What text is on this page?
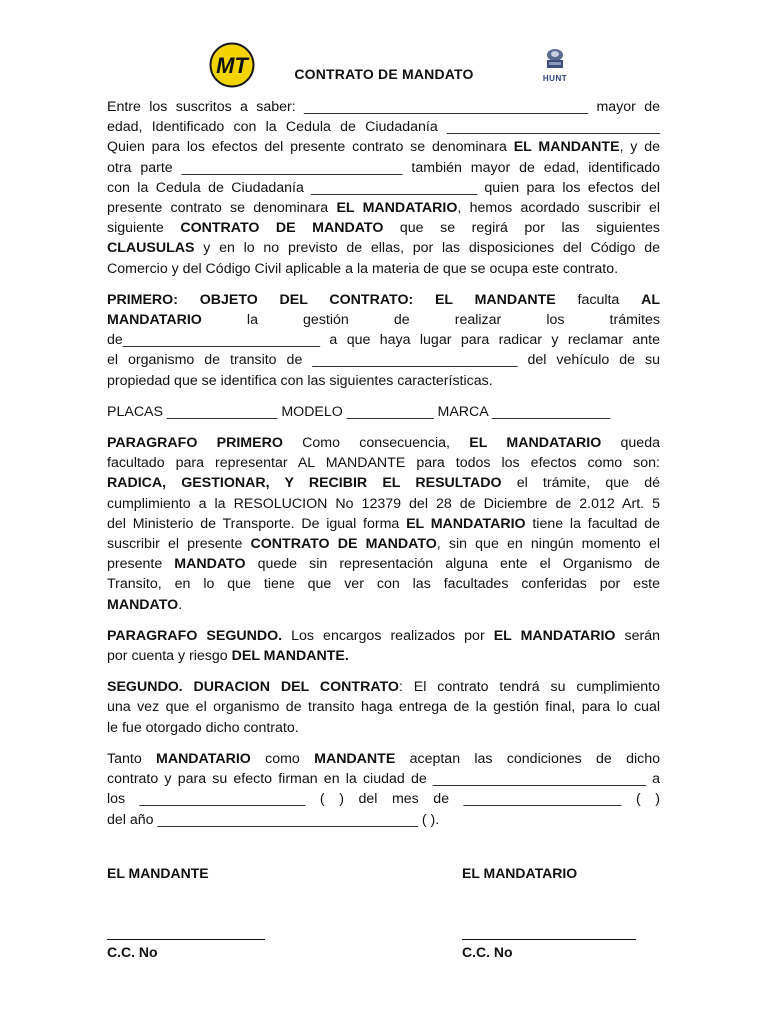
MT	CONTRATO DE MANDATO	HUNT

Entre los suscritos a saber: ____________________________________ mayor de
edad, Identificado con la Cedula de Ciudadanía ___________________________
Quien para los efectos del presente contrato se denominara EL MANDANTE, y de
otra parte ____________________________ también mayor de edad, identificado
con la Cedula de Ciudadanía _____________________ quien para los efectos del
presente contrato se denominara EL MANDATARIO, hemos acordado suscribir el
siguiente CONTRATO DE MANDATO que se regirá por las siguientes
CLAUSULAS y en lo no previsto de ellas, por las disposiciones del Código de
Comercio y del Código Civil aplicable a la materia de que se ocupa este contrato.

PRIMERO: OBJETO DEL CONTRATO: EL MANDANTE faculta AL
MANDATARIO la gestión de realizar los trámites
de_________________________ a que haya lugar para radicar y reclamar ante
el organismo de transito de __________________________ del vehículo de su
propiedad que se identifica con las siguientes características.

PLACAS ______________ MODELO ___________ MARCA _______________

PARAGRAFO PRIMERO Como consecuencia, EL MANDATARIO queda
facultado para representar AL MANDANTE para todos los efectos como son:
RADICA, GESTIONAR, Y RECIBIR EL RESULTADO el trámite, que dé
cumplimiento a la RESOLUCION No 12379 del 28 de Diciembre de 2.012 Art. 5
del Ministerio de Transporte. De igual forma EL MANDATARIO tiene la facultad de
suscribir el presente CONTRATO DE MANDATO, sin que en ningún momento el
presente MANDATO quede sin representación alguna ente el Organismo de
Transito, en lo que tiene que ver con las facultades conferidas por este
MANDATO.

PARAGRAFO SEGUNDO. Los encargos realizados por EL MANDATARIO serán
por cuenta y riesgo DEL MANDANTE.

SEGUNDO. DURACION DEL CONTRATO: El contrato tendrá su cumplimiento
una vez que el organismo de transito haga entrega de la gestión final, para lo cual
le fue otorgado dicho contrato.

Tanto MANDATARIO como MANDANTE aceptan las condiciones de dicho
contrato y para su efecto firman en la ciudad de ___________________________ a
los _____________________ ( ) del mes de ____________________ ( )
del año _________________________________ ( ).

EL MANDANTE
C.C. No
EL MANDATARIO
C.C. No
